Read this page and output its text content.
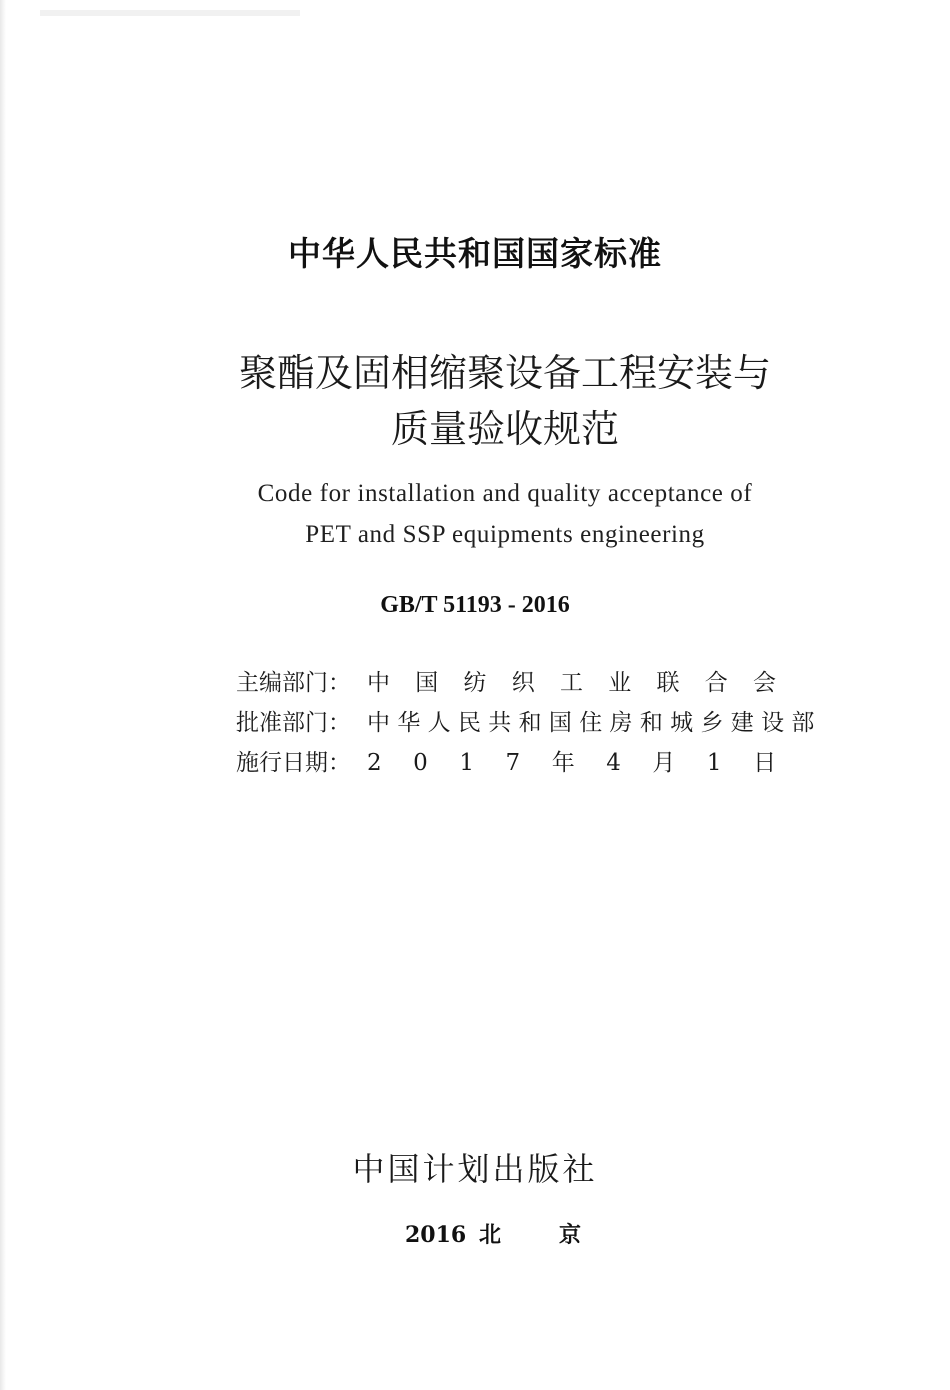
中华人民共和国国家标准
聚酯及固相缩聚设备工程安装与
质量验收规范
Code for installation and quality acceptance of
PET and SSP equipments engineering
GB/T 51193 - 2016
主编部门： 中 国 纺 织 工 业 联 合 会
批准部门： 中 华 人 民 共 和 国 住 房 和 城 乡 建 设 部
施行日期： 2 0 1 7 年 4 月 1 日
中国计划出版社
2016 北	京
